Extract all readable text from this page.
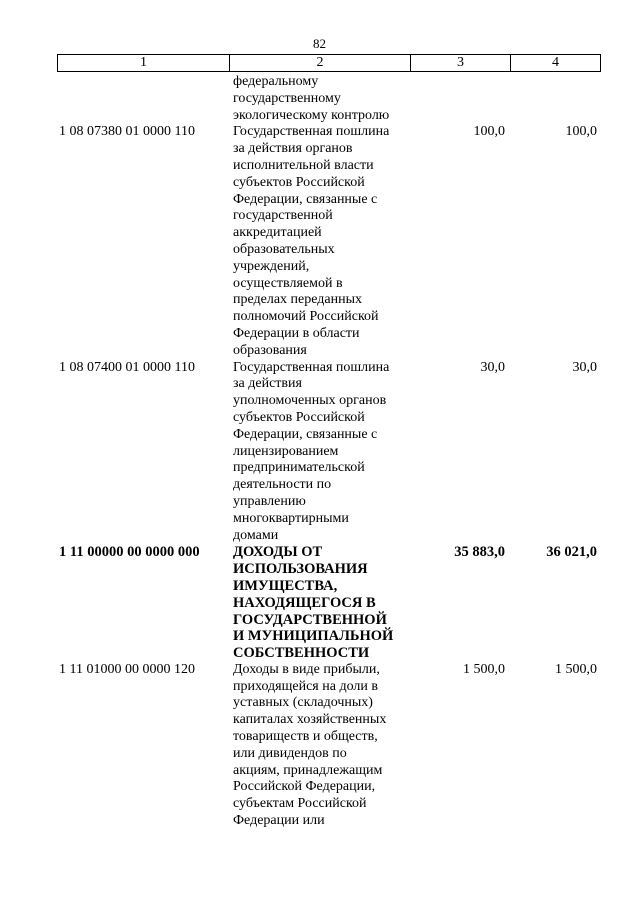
82
1	2	3	4
федеральному
государственному
экологическому контролю
1 08 07380 01 0000 110	Государственная пошлина
за действия органов
исполнительной власти
субъектов Российской
Федерации, связанные с
государственной
аккредитацией
образовательных
учреждений,
осуществляемой в
пределах переданных
полномочий Российской
Федерации в области
образования
100,0	100,0
1 08 07400 01 0000 110	Государственная пошлина
за действия
уполномоченных органов
субъектов Российской
Федерации, связанные с
лицензированием
предпринимательской
деятельности по
управлению
многоквартирными
домами
30,0	30,0
1 11 00000 00 0000 000	ДОХОДЫ ОТ
ИСПОЛЬЗОВАНИЯ
ИМУЩЕСТВА,
НАХОДЯЩЕГОСЯ В
ГОСУДАРСТВЕННОЙ
И МУНИЦИПАЛЬНОЙ
СОБСТВЕННОСТИ
35 883,0	36 021,0
1 11 01000 00 0000 120	Доходы в виде прибыли,
приходящейся на доли в
уставных (складочных)
капиталах хозяйственных
товариществ и обществ,
или дивидендов по
акциям, принадлежащим
Российской Федерации,
субъектам Российской
Федерации или
1 500,0	1 500,0
